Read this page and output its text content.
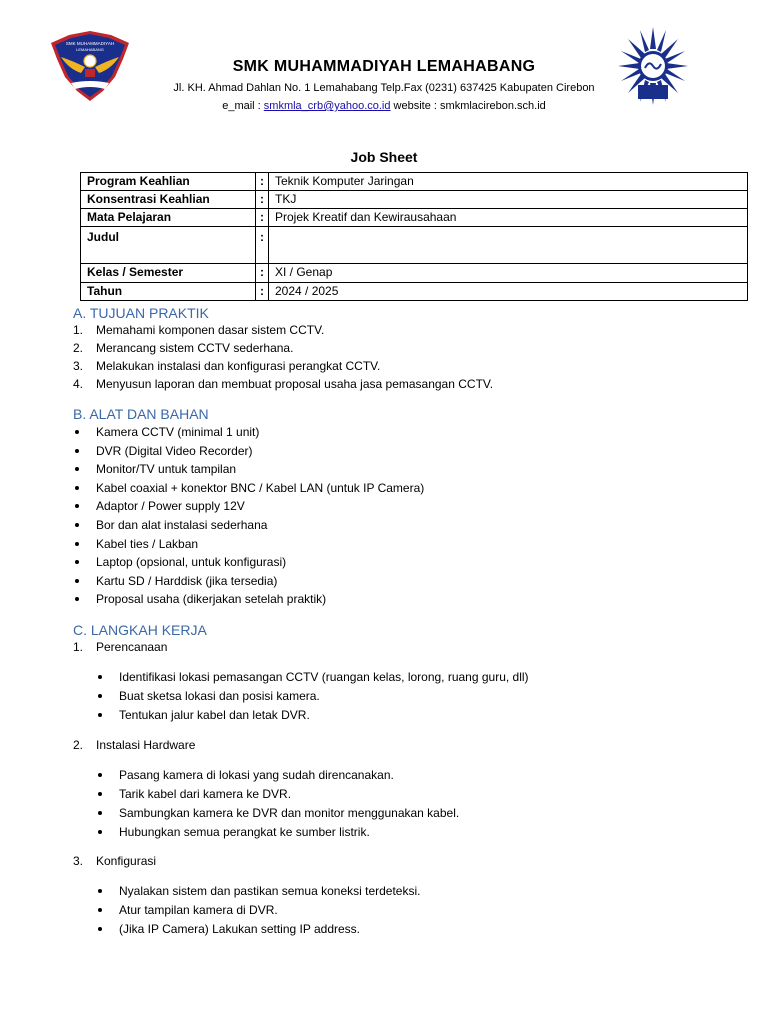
SMK MUHAMMADIYAH
LEMAHABANG
SMK MUHAMMADIYAH LEMAHABANG
Jl. KH. Ahmad Dahlan No. 1 Lemahabang Telp.Fax (0231) 637425 Kabupaten Cirebon
e_mail : smkmla_crb@yahoo.co.id website : smkmlacirebon.sch.id
Job Sheet
Program Keahlian	:	Teknik Komputer Jaringan
Konsentrasi Keahlian	:	TKJ
Mata Pelajaran	:	Projek Kreatif dan Kewirausahaan
Judul	:	
Kelas / Semester	:	XI / Genap
Tahun	:	2024 / 2025
A. TUJUAN PRAKTIK
1. Memahami komponen dasar sistem CCTV.
2. Merancang sistem CCTV sederhana.
3. Melakukan instalasi dan konfigurasi perangkat CCTV.
4. Menyusun laporan dan membuat proposal usaha jasa pemasangan CCTV.
B. ALAT DAN BAHAN
Kamera CCTV (minimal 1 unit)
DVR (Digital Video Recorder)
Monitor/TV untuk tampilan
Kabel coaxial + konektor BNC / Kabel LAN (untuk IP Camera)
Adaptor / Power supply 12V
Bor dan alat instalasi sederhana
Kabel ties / Lakban
Laptop (opsional, untuk konfigurasi)
Kartu SD / Harddisk (jika tersedia)
Proposal usaha (dikerjakan setelah praktik)
C. LANGKAH KERJA
1. Perencanaan
Identifikasi lokasi pemasangan CCTV (ruangan kelas, lorong, ruang guru, dll)
Buat sketsa lokasi dan posisi kamera.
Tentukan jalur kabel dan letak DVR.
2. Instalasi Hardware
Pasang kamera di lokasi yang sudah direncanakan.
Tarik kabel dari kamera ke DVR.
Sambungkan kamera ke DVR dan monitor menggunakan kabel.
Hubungkan semua perangkat ke sumber listrik.
3. Konfigurasi
Nyalakan sistem dan pastikan semua koneksi terdeteksi.
Atur tampilan kamera di DVR.
(Jika IP Camera) Lakukan setting IP address.
